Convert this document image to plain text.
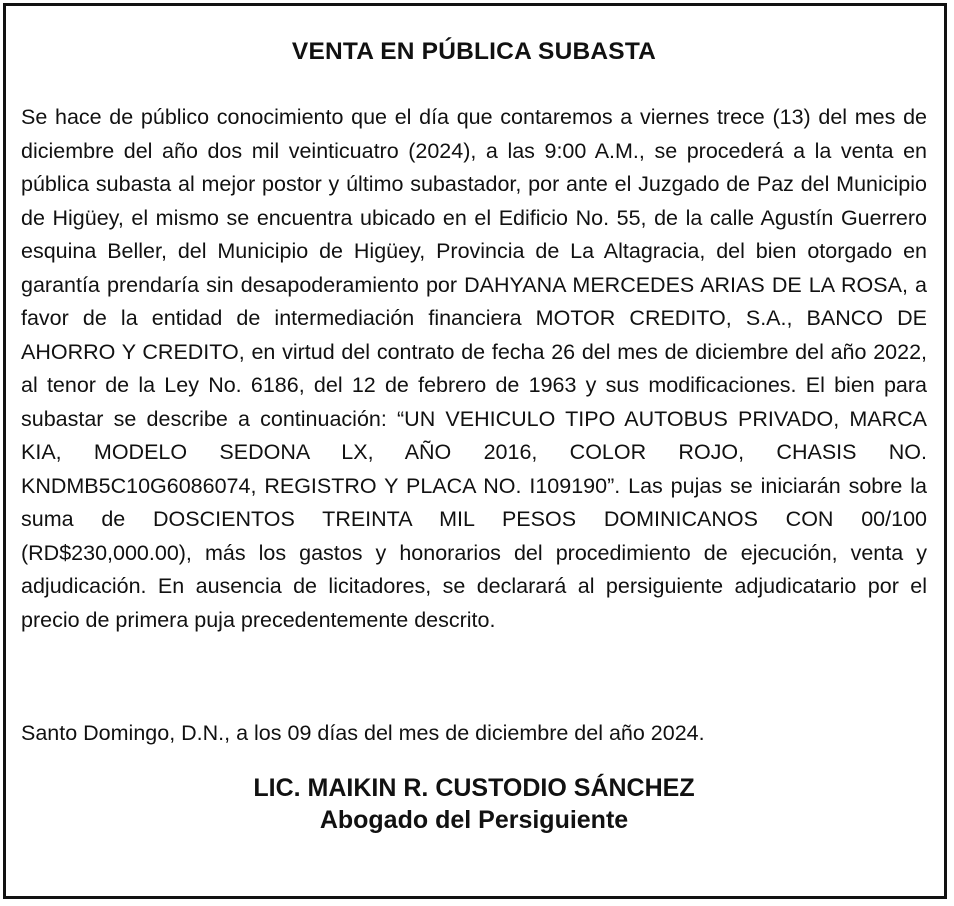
VENTA EN PÚBLICA SUBASTA

Se hace de público conocimiento que el día que contaremos a viernes trece (13) del mes de diciembre del año dos mil veinticuatro (2024), a las 9:00 A.M., se procederá a la venta en pública subasta al mejor postor y último subastador, por ante el Juzgado de Paz del Municipio de Higüey, el mismo se encuentra ubicado en el Edificio No. 55, de la calle Agustín Guerrero esquina Beller, del Municipio de Higüey, Provincia de La Altagracia, del bien otorgado en garantía prendaría sin desapoderamiento por DAHYANA MERCEDES ARIAS DE LA ROSA, a favor de la entidad de intermediación financiera MOTOR CREDITO, S.A., BANCO DE AHORRO Y CREDITO, en virtud del contrato de fecha 26 del mes de diciembre del año 2022, al tenor de la Ley No. 6186, del 12 de febrero de 1963 y sus modificaciones. El bien para subastar se describe a continuación: “UN VEHICULO TIPO AUTOBUS PRIVADO, MARCA KIA, MODELO SEDONA LX, AÑO 2016, COLOR ROJO, CHASIS NO. KNDMB5C10G6086074, REGISTRO Y PLACA NO. I109190”. Las pujas se iniciarán sobre la suma de DOSCIENTOS TREINTA MIL PESOS DOMINICANOS CON 00/100 (RD$230,000.00), más los gastos y honorarios del procedimiento de ejecución, venta y adjudicación. En ausencia de licitadores, se declarará al persiguiente adjudicatario por el precio de primera puja precedentemente descrito.

Santo Domingo, D.N., a los 09 días del mes de diciembre del año 2024.

LIC. MAIKIN R. CUSTODIO SÁNCHEZ
Abogado del Persiguiente
